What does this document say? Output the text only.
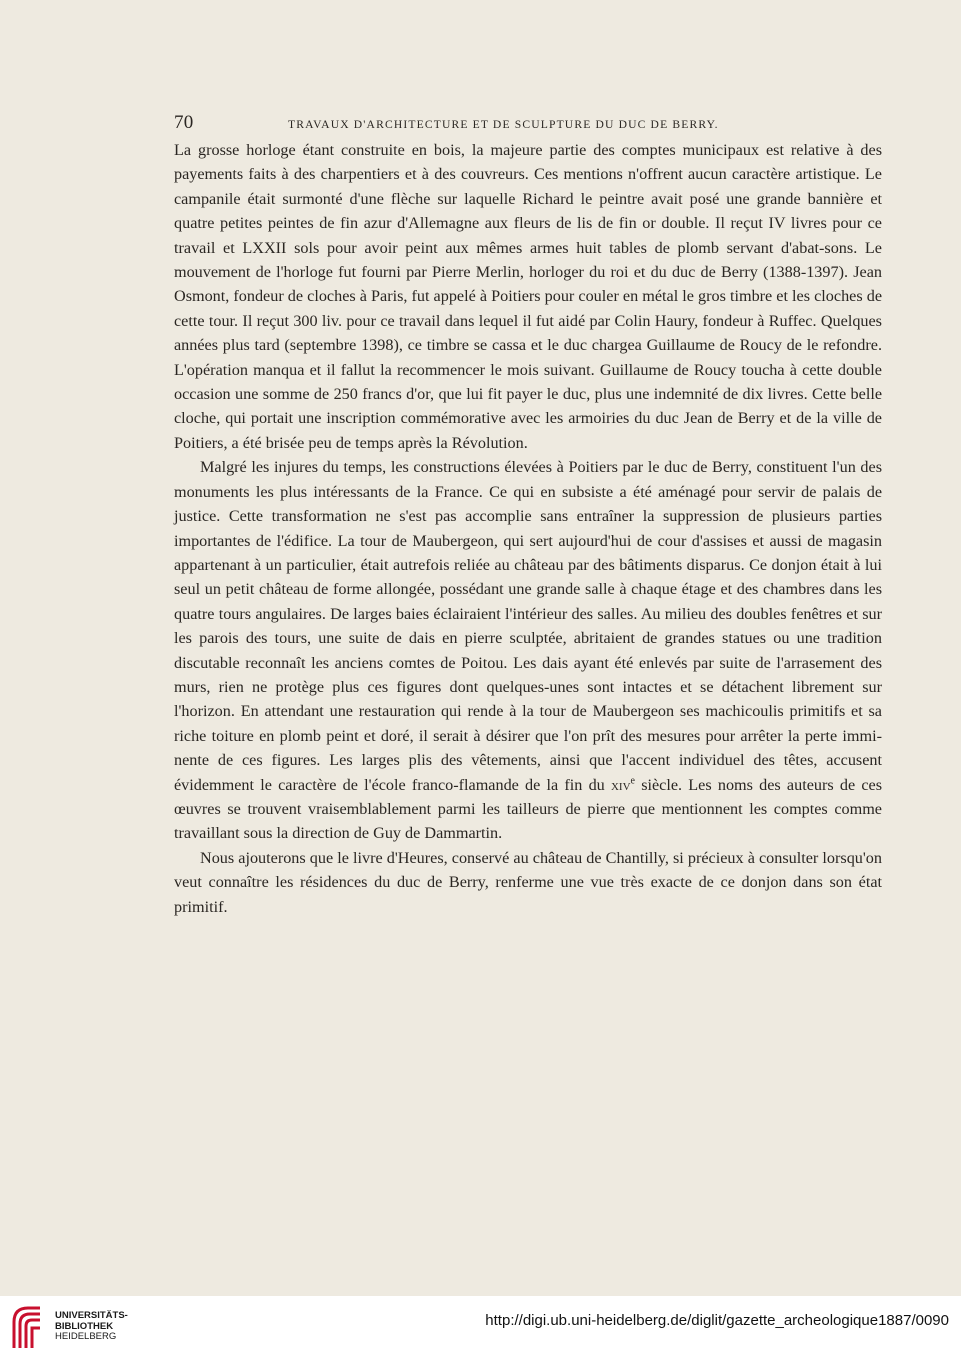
70	TRAVAUX D'ARCHITECTURE ET DE SCULPTURE DU DUC DE BERRY.

La grosse horloge étant construite en bois, la majeure partie des comptes municipaux est relative à des payements faits à des charpentiers et à des couvreurs. Ces mentions n'offrent aucun caractère artistique. Le campanile était surmonté d'une flèche sur laquelle Richard le peintre avait posé une grande bannière et quatre petites peintes de fin azur d'Allemagne aux fleurs de lis de fin or double. Il reçut IV livres pour ce travail et LXXII sols pour avoir peint aux mêmes armes huit tables de plomb servant d'abat-sons. Le mouvement de l'horloge fut fourni par Pierre Merlin, horloger du roi et du duc de Berry (1388-1397). Jean Osmont, fondeur de cloches à Paris, fut appelé à Poitiers pour couler en métal le gros timbre et les cloches de cette tour. Il reçut 300 liv. pour ce travail dans lequel il fut aidé par Colin Haury, fondeur à Ruffec. Quelques années plus tard (septembre 1398), ce timbre se cassa et le duc chargea Guillaume de Roucy de le refondre. L'opération manqua et il fallut la recommencer le mois suivant. Guillaume de Roucy toucha à cette double occasion une somme de 250 francs d'or, que lui fit payer le duc, plus une indemnité de dix livres. Cette belle cloche, qui portait une inscription commémorative avec les armoiries du duc Jean de Berry et de la ville de Poitiers, a été brisée peu de temps après la Révolution.

Malgré les injures du temps, les constructions élevées à Poitiers par le duc de Berry, constituent l'un des monuments les plus intéressants de la France. Ce qui en subsiste a été aménagé pour servir de palais de justice. Cette transformation ne s'est pas accomplie sans entraîner la suppression de plusieurs parties importantes de l'édifice. La tour de Maubergeon, qui sert aujourd'hui de cour d'assises et aussi de magasin appartenant à un particulier, était autrefois reliée au château par des bâtiments disparus. Ce donjon était à lui seul un petit château de forme allongée, possédant une grande salle à chaque étage et des chambres dans les quatre tours angulaires. De larges baies éclairaient l'intérieur des salles. Au milieu des doubles fenêtres et sur les parois des tours, une suite de dais en pierre sculptée, abritaient de grandes statues ou une tradition discutable reconnaît les anciens comtes de Poitou. Les dais ayant été enlevés par suite de l'arrasement des murs, rien ne protège plus ces figures dont quelques-unes sont intactes et se détachent librement sur l'horizon. En attendant une restauration qui rende à la tour de Maubergeon ses machicoulis primitifs et sa riche toiture en plomb peint et doré, il serait à désirer que l'on prît des mesures pour arrêter la perte imminente de ces figures. Les larges plis des vêtements, ainsi que l'accent individuel des têtes, accusent évidemment le caractère de l'école franco-flamande de la fin du xiv$^e$ siècle. Les noms des auteurs de ces œuvres se trouvent vraisemblablement parmi les tailleurs de pierre que mentionnent les comptes comme travaillant sous la direction de Guy de Dammartin.

Nous ajouterons que le livre d'Heures, conservé au château de Chantilly, si précieux à consulter lorsqu'on veut connaître les résidences du duc de Berry, renferme une vue très exacte de ce donjon dans son état primitif.

UNIVERSITÄTS-
BIBLIOTHEK
HEIDELBERG
http://digi.ub.uni-heidelberg.de/diglit/gazette_archeologique1887/0090
